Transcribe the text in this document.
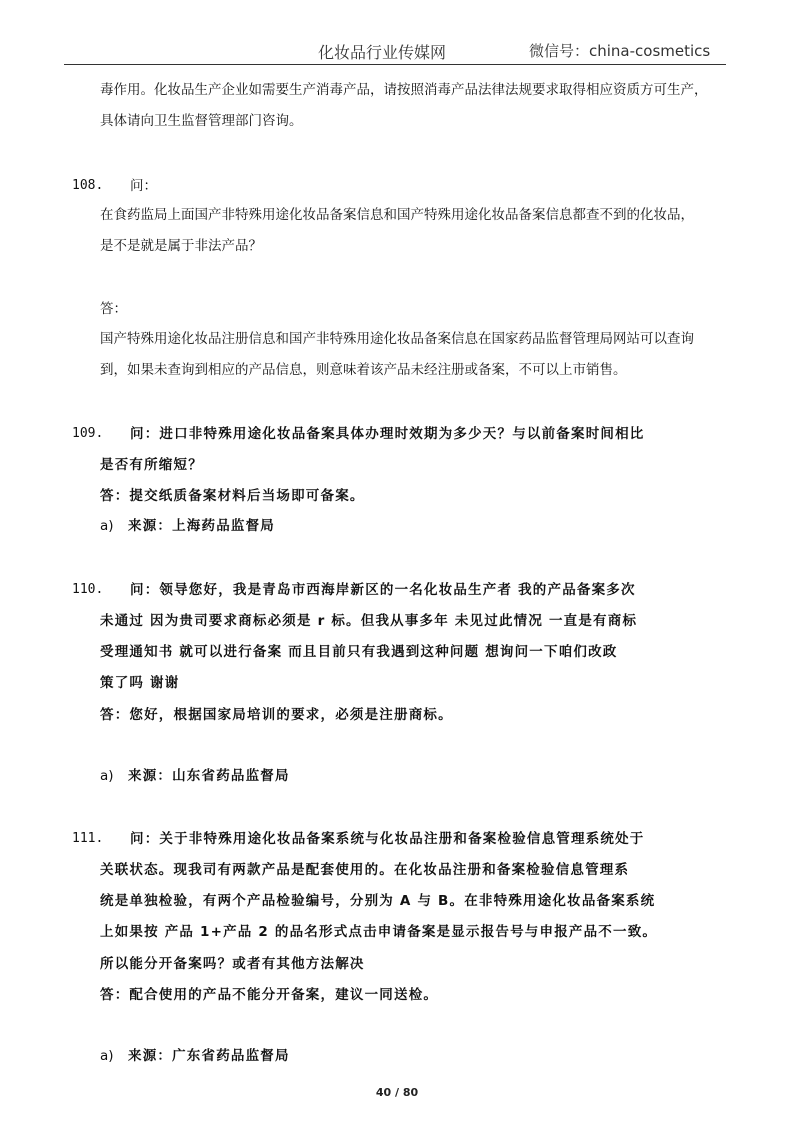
化妆品行业传媒网	微信号：china-cosmetics
毒作用。化妆品生产企业如需要生产消毒产品，请按照消毒产品法律法规要求取得相应资质方可生产，
具体请向卫生监督管理部门咨询。
108. 问：
在食药监局上面国产非特殊用途化妆品备案信息和国产特殊用途化妆品备案信息都查不到的化妆品，
是不是就是属于非法产品？
答：
国产特殊用途化妆品注册信息和国产非特殊用途化妆品备案信息在国家药品监督管理局网站可以查询
到，如果未查询到相应的产品信息，则意味着该产品未经注册或备案，不可以上市销售。
109. 问：进口非特殊用途化妆品备案具体办理时效期为多少天？与以前备案时间相比
是否有所缩短？
答：提交纸质备案材料后当场即可备案。
a) 来源：上海药品监督局
110. 问：领导您好，我是青岛市西海岸新区的一名化妆品生产者 我的产品备案多次
未通过 因为贵司要求商标必须是 r 标。但我从事多年 未见过此情况 一直是有商标
受理通知书 就可以进行备案 而且目前只有我遇到这种问题 想询问一下咱们改政
策了吗 谢谢
答：您好，根据国家局培训的要求，必须是注册商标。
a) 来源：山东省药品监督局
111. 问：关于非特殊用途化妆品备案系统与化妆品注册和备案检验信息管理系统处于
关联状态。现我司有两款产品是配套使用的。在化妆品注册和备案检验信息管理系
统是单独检验，有两个产品检验编号，分别为 A 与 B。在非特殊用途化妆品备案系统
上如果按 产品 1+产品 2 的品名形式点击申请备案是显示报告号与申报产品不一致。
所以能分开备案吗？或者有其他方法解决
答：配合使用的产品不能分开备案，建议一同送检。
a) 来源：广东省药品监督局
40 / 80
